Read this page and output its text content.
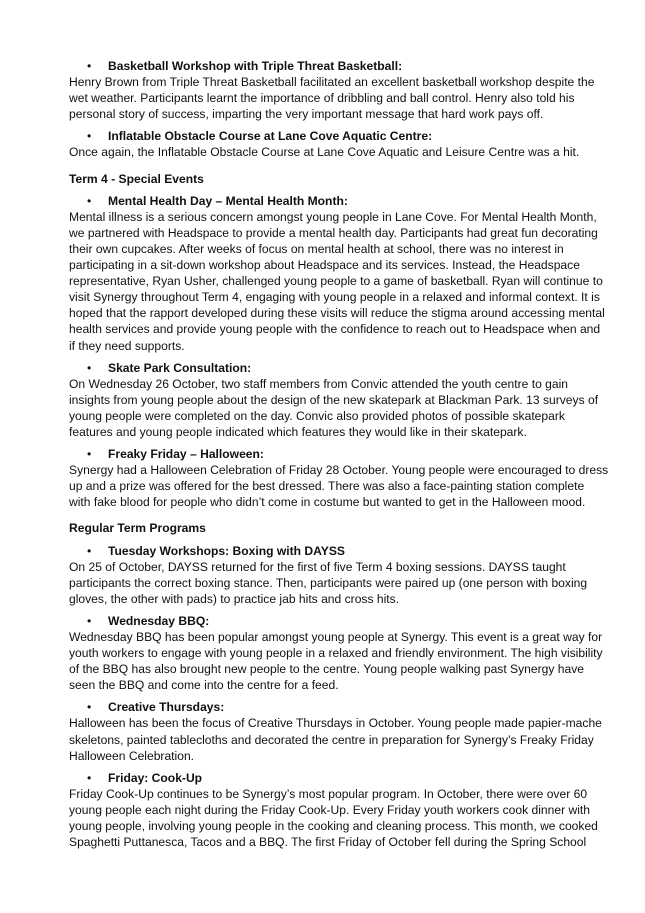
•	Basketball Workshop with Triple Threat Basketball:

Henry Brown from Triple Threat Basketball facilitated an excellent basketball workshop despite the wet weather. Participants learnt the importance of dribbling and ball control. Henry also told his personal story of success, imparting the very important message that hard work pays off.

•	Inflatable Obstacle Course at Lane Cove Aquatic Centre:

Once again, the Inflatable Obstacle Course at Lane Cove Aquatic and Leisure Centre was a hit.

Term 4 - Special Events
•	Mental Health Day – Mental Health Month:

Mental illness is a serious concern amongst young people in Lane Cove. For Mental Health Month, we partnered with Headspace to provide a mental health day. Participants had great fun decorating their own cupcakes. After weeks of focus on mental health at school, there was no interest in participating in a sit-down workshop about Headspace and its services. Instead, the Headspace representative, Ryan Usher, challenged young people to a game of basketball. Ryan will continue to visit Synergy throughout Term 4, engaging with young people in a relaxed and informal context. It is hoped that the rapport developed during these visits will reduce the stigma around accessing mental health services and provide young people with the confidence to reach out to Headspace when and if they need supports.

•	Skate Park Consultation:

On Wednesday 26 October, two staff members from Convic attended the youth centre to gain insights from young people about the design of the new skatepark at Blackman Park. 13 surveys of young people were completed on the day. Convic also provided photos of possible skatepark features and young people indicated which features they would like in their skatepark.

•	Freaky Friday – Halloween:

Synergy had a Halloween Celebration of Friday 28 October. Young people were encouraged to dress up and a prize was offered for the best dressed. There was also a face-painting station complete with fake blood for people who didn’t come in costume but wanted to get in the Halloween mood.

Regular Term Programs
•	Tuesday Workshops: Boxing with DAYSS

On 25 of October, DAYSS returned for the first of five Term 4 boxing sessions. DAYSS taught participants the correct boxing stance. Then, participants were paired up (one person with boxing gloves, the other with pads) to practice jab hits and cross hits.

•	Wednesday BBQ:

Wednesday BBQ has been popular amongst young people at Synergy. This event is a great way for youth workers to engage with young people in a relaxed and friendly environment. The high visibility of the BBQ has also brought new people to the centre. Young people walking past Synergy have seen the BBQ and come into the centre for a feed.

•	Creative Thursdays:

Halloween has been the focus of Creative Thursdays in October. Young people made papier-mache skeletons, painted tablecloths and decorated the centre in preparation for Synergy’s Freaky Friday Halloween Celebration.

•	Friday: Cook-Up

Friday Cook-Up continues to be Synergy’s most popular program. In October, there were over 60 young people each night during the Friday Cook-Up. Every Friday youth workers cook dinner with young people, involving young people in the cooking and cleaning process. This month, we cooked Spaghetti Puttanesca, Tacos and a BBQ. The first Friday of October fell during the Spring School
